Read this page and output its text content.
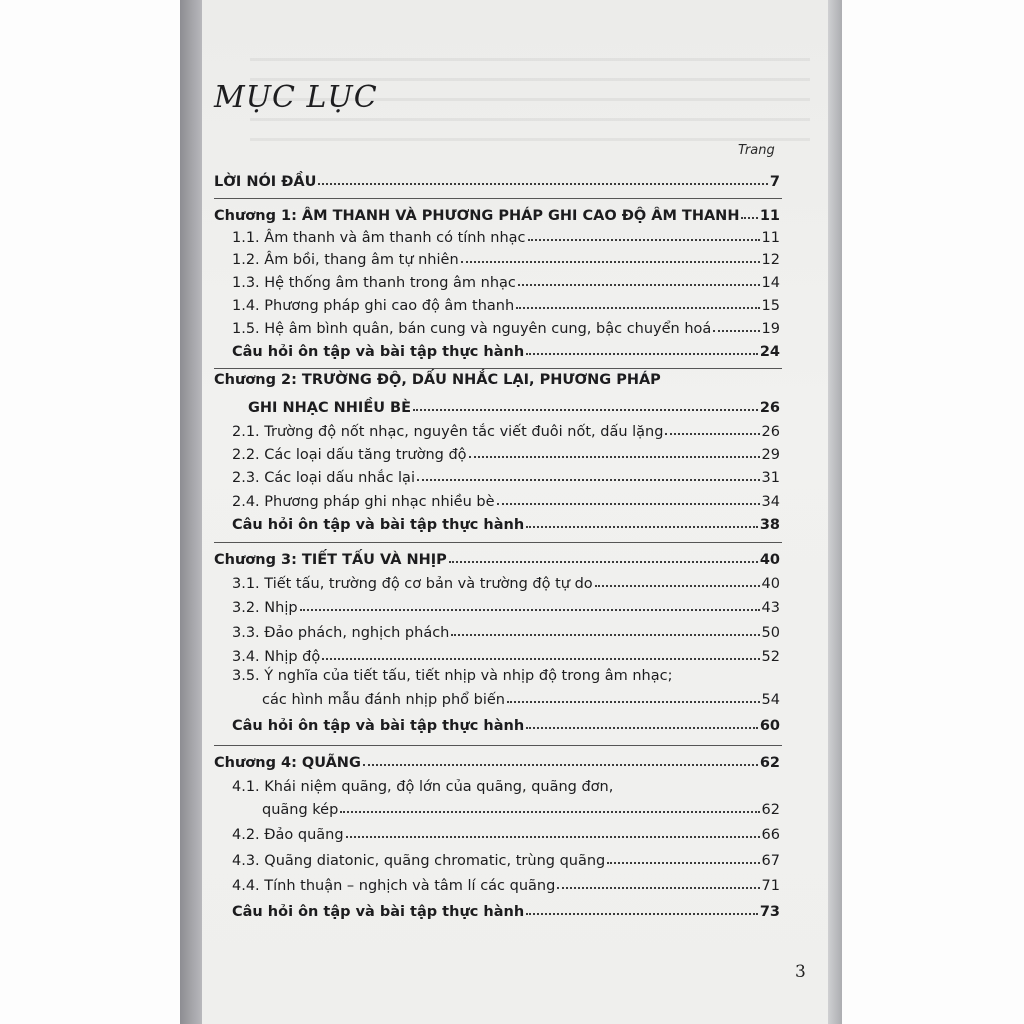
MỤC LỤC
Trang
LỜI NÓI ĐẦU	7
Chương 1: ÂM THANH VÀ PHƯƠNG PHÁP GHI CAO ĐỘ ÂM THANH 11
1.1. Âm thanh và âm thanh có tính nhạc	11
1.2. Âm bồi, thang âm tự nhiên	12
1.3. Hệ thống âm thanh trong âm nhạc	14
1.4. Phương pháp ghi cao độ âm thanh	15
1.5. Hệ âm bình quân, bán cung và nguyên cung, bậc chuyển hoá	19
Câu hỏi ôn tập và bài tập thực hành	24
Chương 2: TRƯỜNG ĐỘ, DẤU NHẮC LẠI, PHƯƠNG PHÁP
GHI NHẠC NHIỀU BÈ	26
2.1. Trường độ nốt nhạc, nguyên tắc viết đuôi nốt, dấu lặng	26
2.2. Các loại dấu tăng trường độ	29
2.3. Các loại dấu nhắc lại	31
2.4. Phương pháp ghi nhạc nhiều bè	34
Câu hỏi ôn tập và bài tập thực hành	38
Chương 3: TIẾT TẤU VÀ NHỊP	40
3.1. Tiết tấu, trường độ cơ bản và trường độ tự do	40
3.2. Nhịp	43
3.3. Đảo phách, nghịch phách	50
3.4. Nhịp độ	52
3.5. Ý nghĩa của tiết tấu, tiết nhịp và nhịp độ trong âm nhạc;
các hình mẫu đánh nhịp phổ biến	54
Câu hỏi ôn tập và bài tập thực hành	60
Chương 4: QUÃNG	62
4.1. Khái niệm quãng, độ lớn của quãng, quãng đơn,
quãng kép	62
4.2. Đảo quãng	66
4.3. Quãng diatonic, quãng chromatic, trùng quãng	67
4.4. Tính thuận – nghịch và tâm lí các quãng	71
Câu hỏi ôn tập và bài tập thực hành	73
3
